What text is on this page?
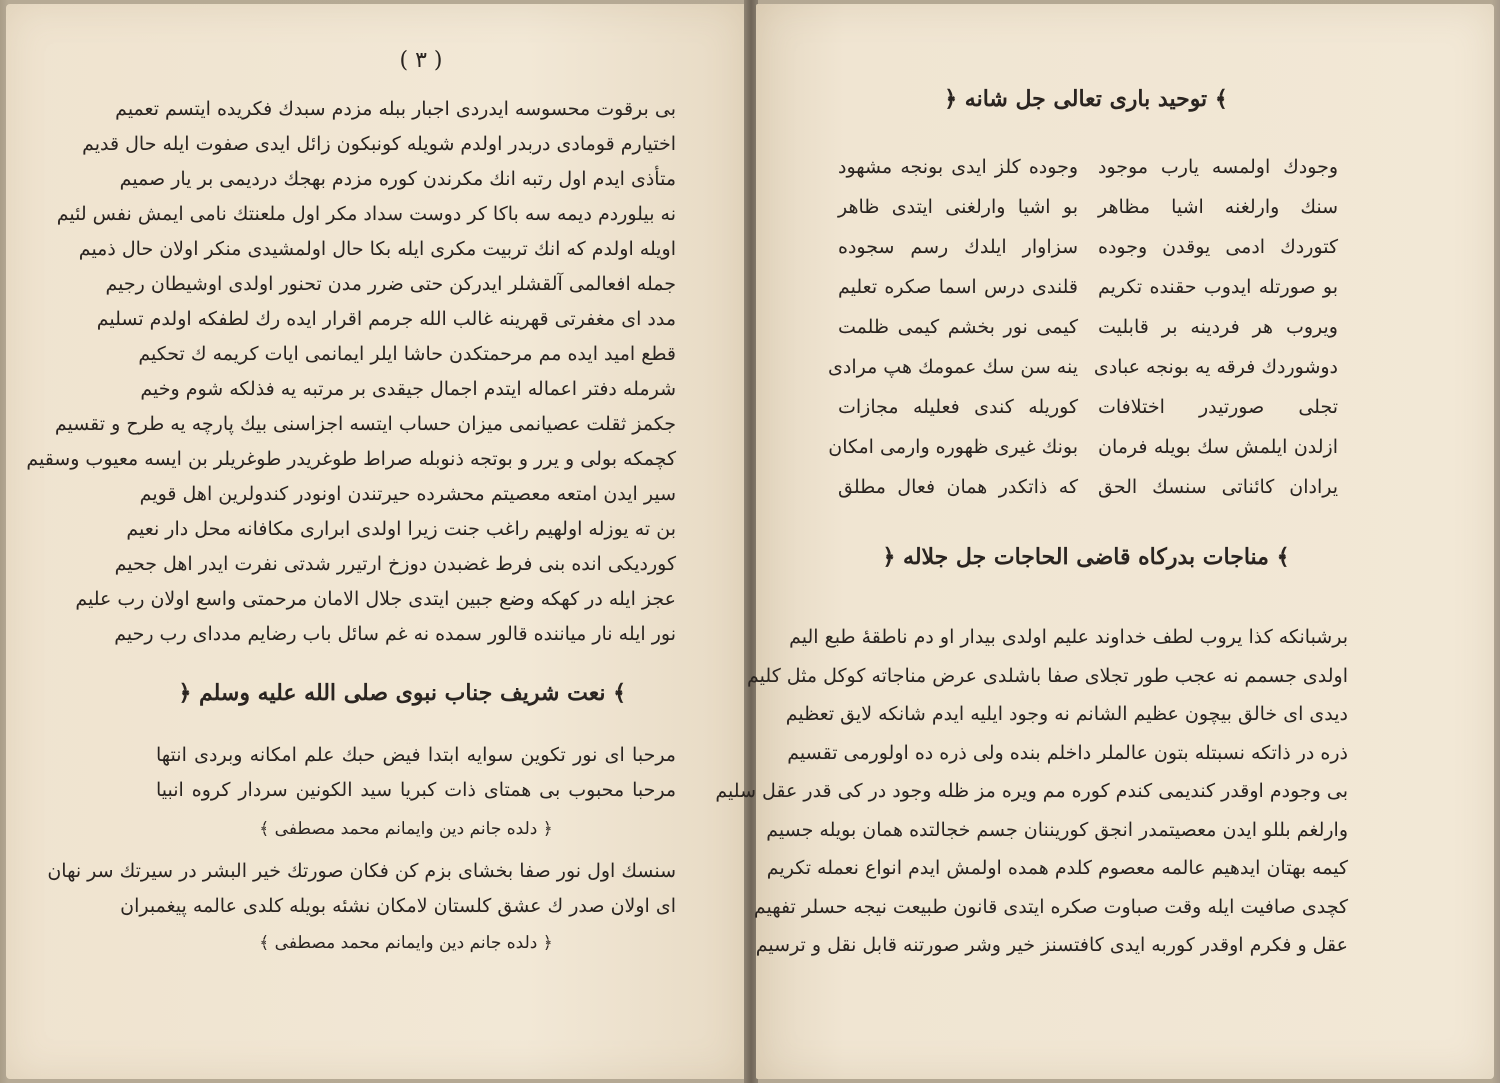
( ٣ )
بی برقوت محسوسه ایدردی اجبار ببله مزدم سبدك فکریده ایتسم تعمیم
اختیارم قومادی دربدر اولدم شویله کونبکون زائل ایدی صفوت ایله حال قدیم
متأذی ایدم اول رتبه انك مکرندن کوره مزدم بهجك دردیمی بر یار صمیم
نه بیلوردم دیمه سه باکا کر دوست سداد مکر اول ملعنتك نامی ایمش نفس لئیم
اویله اولدم که انك تربیت مکری ایله بکا حال اولمشیدی منکر اولان حال ذمیم
جمله افعالمی آلقشلر ایدرکن حتی ضرر مدن تحنور اولدی اوشیطان رجیم
مدد ای مغفرتی قهرینه غالب الله جرمم اقرار ایده رك لطفکه اولدم تسلیم
قطع امید ایده مم مرحمتکدن حاشا ایلر ایمانمی ایات کریمه ك تحکیم
شرمله دفتر اعماله ایتدم اجمال جیقدی بر مرتبه یه فذلکه شوم وخیم
جکمز ثقلت عصیانمی میزان حساب ایتسه اجزاسنی بیك پارچه یه طرح و تقسیم
کچمکه بولی و یرر و بوتجه ذنوبله صراط طوغریدر طوغریلر بن ایسه معیوب وسقیم
سیر ایدن امتعه معصیتم محشرده حیرتندن اونودر کندولرین اهل قویم
بن ته یوزله اولهیم راغب جنت زیرا اولدی ابراری مکافانه محل دار نعیم
کوردیکی انده بنی فرط غضبدن دوزخ ارتیرر شدتی نفرت ایدر اهل جحیم
عجز ایله در کهکه وضع جبین ایتدی جلال الامان مرحمتی واسع اولان رب علیم
نور ایله نار میاننده قالور سمده نه غم سائل باب رضایم مددای رب رحیم
﴾ نعت شریف جناب نبوی صلی الله علیه وسلم ﴿
مرحبا ای نور تکوین سوایه ابتدا فیض حبك علم امکانه وبردی انتها
مرحبا محبوب بی همتای ذات کبریا سید الکونین سردار کروه انبیا
﴿ دلده جانم دین وایمانم محمد مصطفی ﴾
سنسك اول نور صفا بخشای بزم کن فکان صورتك خیر البشر در سیرتك سر نهان
ای اولان صدر ك عشق کلستان لامکان نشئه بویله کلدی عالمه پیغمبران
﴿ دلده جانم دین وایمانم محمد مصطفی ﴾
﴾ توحید باری تعالی جل شانه ﴿
وجودك اولمسه یارب موجود
وجوده کلز ایدی بونجه مشهود
سنك وارلغنه اشیا مظاهر
بو اشیا وارلغنی ایتدی ظاهر
کتوردك ادمی یوقدن وجوده
سزاوار ایلدك رسم سجوده
بو صورتله ایدوب حقنده تکریم
قلندی درس اسما صکره تعلیم
ویروب هر فردینه بر قابلیت
کیمی نور بخشم کیمی ظلمت
دوشوردك فرقه یه بونجه عبادی
ینه سن سك عمومك هپ مرادی
تجلی صورتیدر اختلافات
کوریله کندی فعلیله مجازات
ازلدن ایلمش سك بویله فرمان
بونك غیری ظهوره وارمی امکان
یرادان کائناتی سنسك الحق
که ذاتکدر همان فعال مطلق
﴾ مناجات بدرکاه قاضی الحاجات جل جلاله ﴿
برشبانکه کذا یروب لطف خداوند علیم اولدی بیدار او دم ناطقهٔ طبع الیم
اولدی جسمم نه عجب طور تجلای صفا باشلدی عرض مناجاته کوکل مثل کلیم
دیدی ای خالق بیچون عظیم الشانم نه وجود ایلیه ایدم شانکه لایق تعظیم
ذره در ذاتکه نسبتله بتون عالملر داخلم بنده ولی ذره ده اولورمی تقسیم
بی وجودم اوقدر کندیمی کندم کوره مم ویره مز ظله وجود در کی قدر عقل سلیم
وارلغم بللو ایدن معصیتمدر انجق کوریننان جسم خجالتده همان بویله جسیم
کیمه بهتان ایدهیم عالمه معصوم کلدم همده اولمش ایدم انواع نعمله تکریم
کچدی صافیت ایله وقت صباوت صکره ایتدی قانون طبیعت نیجه حسلر تفهیم
عقل و فکرم اوقدر کوربه ایدی کافتسنز خیر وشر صورتنه قابل نقل و ترسیم
